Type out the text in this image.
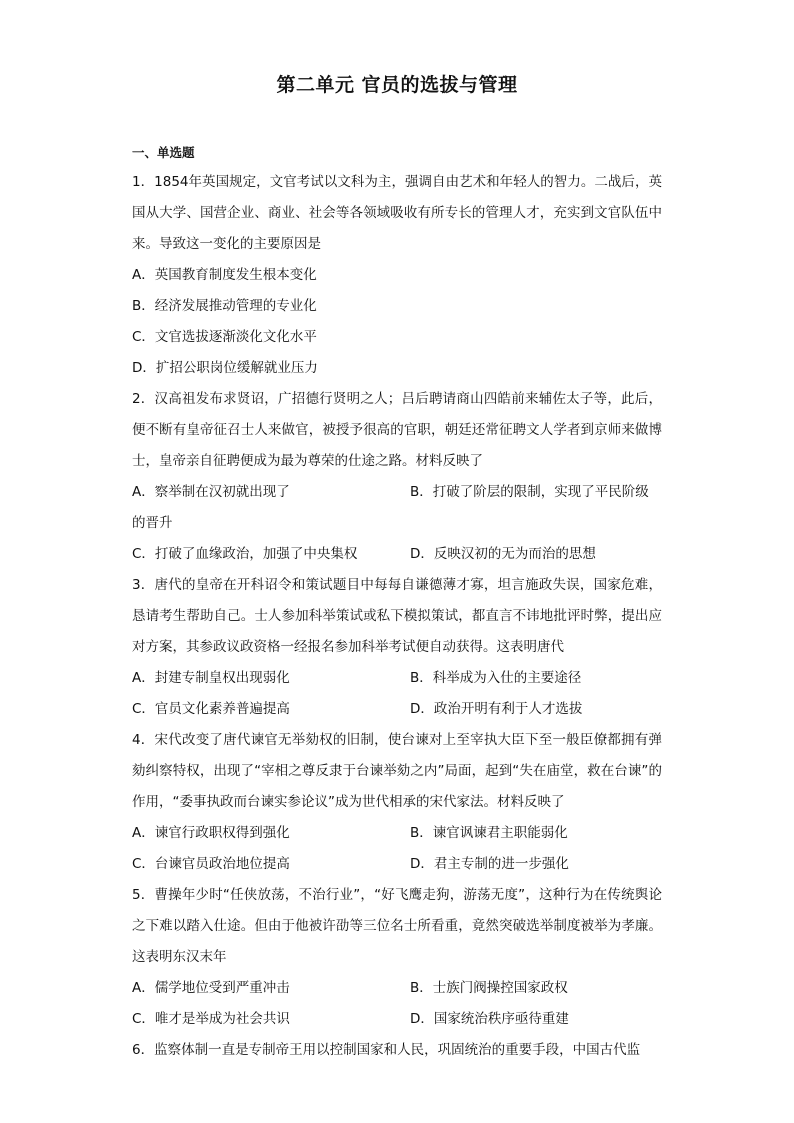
第二单元 官员的选拔与管理
一、单选题

1．1854年英国规定，文官考试以文科为主，强调自由艺术和年轻人的智力。二战后，英国从大学、国营企业、商业、社会等各领域吸收有所专长的管理人才，充实到文官队伍中来。导致这一变化的主要原因是

A．英国教育制度发生根本变化
B．经济发展推动管理的专业化
C．文官选拔逐渐淡化文化水平
D．扩招公职岗位缓解就业压力

2．汉高祖发布求贤诏，广招德行贤明之人；吕后聘请商山四皓前来辅佐太子等，此后，便不断有皇帝征召士人来做官，被授予很高的官职，朝廷还常征聘文人学者到京师来做博士，皇帝亲自征聘便成为最为尊荣的仕途之路。材料反映了

A．察举制在汉初就出现了	B．打破了阶层的限制，实现了平民阶级
的晋升
C．打破了血缘政治，加强了中央集权	D．反映汉初的无为而治的思想

3．唐代的皇帝在开科诏令和策试题目中每每自谦德薄才寡，坦言施政失误，国家危难，恳请考生帮助自己。士人参加科举策试或私下模拟策试，都直言不讳地批评时弊，提出应对方案，其参政议政资格一经报名参加科举考试便自动获得。这表明唐代

A．封建专制皇权出现弱化	B．科举成为入仕的主要途径
C．官员文化素养普遍提高	D．政治开明有利于人才选拔

4．宋代改变了唐代谏官无举劾权的旧制，使台谏对上至宰执大臣下至一般臣僚都拥有弹劾纠察特权，出现了“宰相之尊反隶于台谏举劾之内”局面，起到“失在庙堂，救在台谏”的作用，“委事执政而台谏实参论议”成为世代相承的宋代家法。材料反映了

A．谏官行政职权得到强化	B．谏官讽谏君主职能弱化
C．台谏官员政治地位提高	D．君主专制的进一步强化

5．曹操年少时“任侠放荡，不治行业”，“好飞鹰走狗，游荡无度”，这种行为在传统舆论之下难以踏入仕途。但由于他被许劭等三位名士所看重，竟然突破选举制度被举为孝廉。这表明东汉末年

A．儒学地位受到严重冲击	B．士族门阀操控国家政权
C．唯才是举成为社会共识	D．国家统治秩序亟待重建

6．监察体制一直是专制帝王用以控制国家和人民，巩固统治的重要手段，中国古代监
